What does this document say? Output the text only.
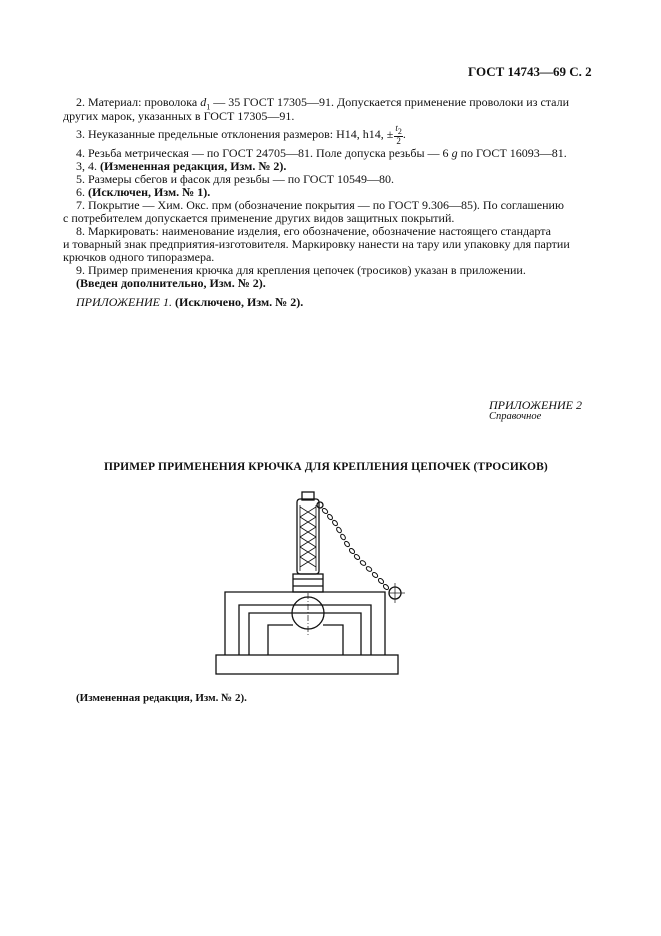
ГОСТ 14743—69 С. 2
2. Материал: проволока $d_1$ — 35 ГОСТ 17305—91. Допускается применение проволоки из стали
других марок, указанных в ГОСТ 17305—91.
3. Неуказанные предельные отклонения размеров: Н14, h14, ± $\frac{t_2}{2}$ .
4. Резьба метрическая — по ГОСТ 24705—81. Поле допуска резьбы — 6 g по ГОСТ 16093—81.
3, 4. (Измененная редакция, Изм. № 2).
5. Размеры сбегов и фасок для резьбы — по ГОСТ 10549—80.
6. (Исключен, Изм. № 1).
7. Покрытие — Хим. Окс. прм (обозначение покрытия — по ГОСТ 9.306—85). По соглашению
с потребителем допускается применение других видов защитных покрытий.
8. Маркировать: наименование изделия, его обозначение, обозначение настоящего стандарта
и товарный знак предприятия-изготовителя. Маркировку нанести на тару или упаковку для партии
крючков одного типоразмера.
9. Пример применения крючка для крепления цепочек (тросиков) указан в приложении.
(Введен дополнительно, Изм. № 2).
ПРИЛОЖЕНИЕ 1. (Исключено, Изм. № 2).
ПРИЛОЖЕНИЕ 2
Справочное
ПРИМЕР ПРИМЕНЕНИЯ КРЮЧКА ДЛЯ КРЕПЛЕНИЯ ЦЕПОЧЕК (ТРОСИКОВ)
(Измененная редакция, Изм. № 2).
